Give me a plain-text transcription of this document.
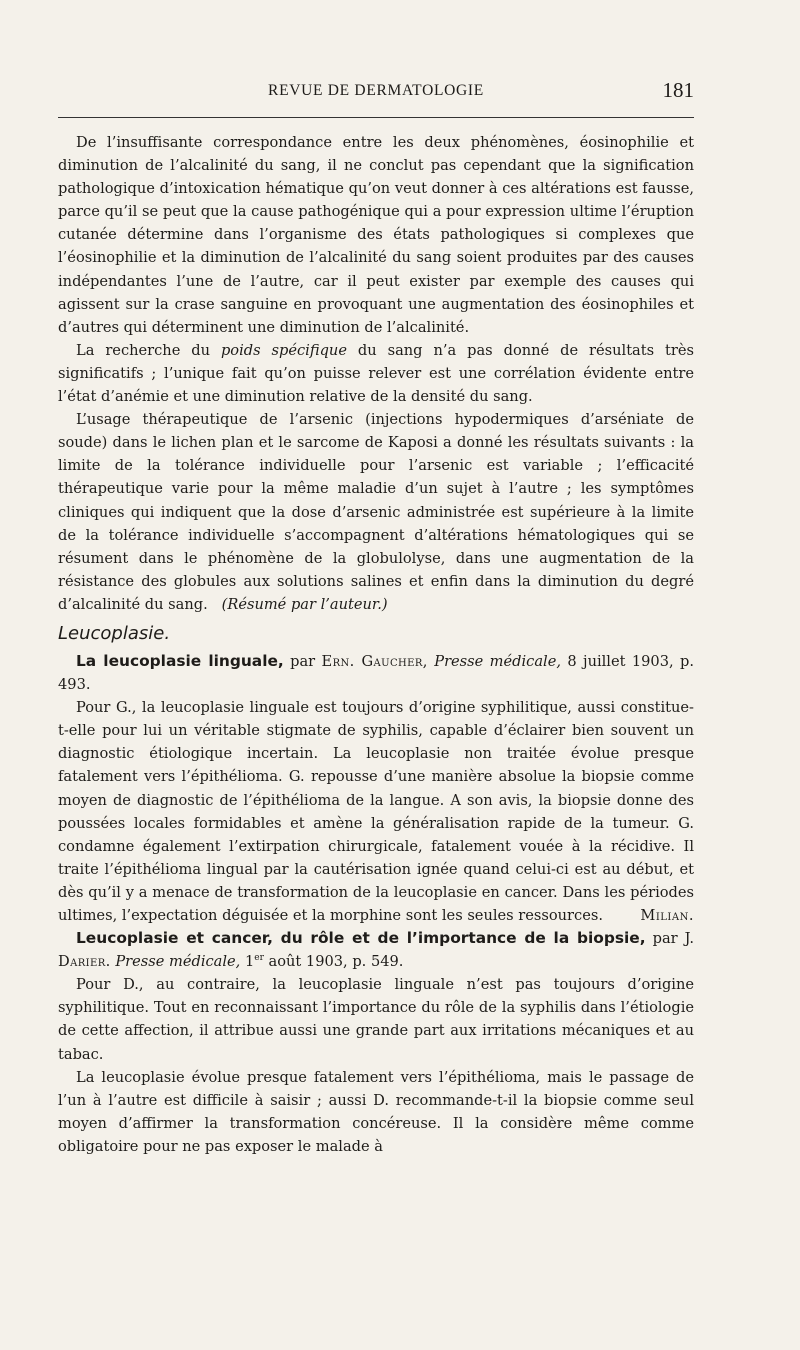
REVUE DE DERMATOLOGIE	181

De l’insuffisante correspondance entre les deux phénomènes, éosinophilie et diminution de l’alcalinité du sang, il ne conclut pas cependant que la signification pathologique d’intoxication hématique qu’on veut donner à ces altérations est fausse, parce qu’il se peut que la cause pathogénique qui a pour expression ultime l’éruption cutanée détermine dans l’organisme des états pathologiques si complexes que l’éosinophilie et la diminution de l’alcalinité du sang soient produites par des causes indépendantes l’une de l’autre, car il peut exister par exemple des causes qui agissent sur la crase sanguine en provoquant une augmentation des éosinophiles et d’autres qui déterminent une diminution de l’alcalinité.

La recherche du poids spécifique du sang n’a pas donné de résultats très significatifs ; l’unique fait qu’on puisse relever est une corrélation évidente entre l’état d’anémie et une diminution relative de la densité du sang.

L’usage thérapeutique de l’arsenic (injections hypodermiques d’arséniate de soude) dans le lichen plan et le sarcome de Kaposi a donné les résultats suivants : la limite de la tolérance individuelle pour l’arsenic est variable ; l’efficacité thérapeutique varie pour la même maladie d’un sujet à l’autre ; les symptômes cliniques qui indiquent que la dose d’arsenic administrée est supérieure à la limite de la tolérance individuelle s’accompagnent d’altérations hématologiques qui se résument dans le phénomène de la globulolyse, dans une augmentation de la résistance des globules aux solutions salines et enfin dans la diminution du degré d’alcalinité du sang. (Résumé par l’auteur.)

Leucoplasie.

La leucoplasie linguale, par Ern. Gaucher, Presse médicale, 8 juillet 1903, p. 493.

Pour G., la leucoplasie linguale est toujours d’origine syphilitique, aussi constitue-t-elle pour lui un véritable stigmate de syphilis, capable d’éclairer bien souvent un diagnostic étiologique incertain. La leucoplasie non traitée évolue presque fatalement vers l’épithélioma. G. repousse d’une manière absolue la biopsie comme moyen de diagnostic de l’épithélioma de la langue. A son avis, la biopsie donne des poussées locales formidables et amène la généralisation rapide de la tumeur. G. condamne également l’extirpation chirurgicale, fatalement vouée à la récidive. Il traite l’épithélioma lingual par la cautérisation ignée quand celui-ci est au début, et dès qu’il y a menace de transformation de la leucoplasie en cancer. Dans les périodes ultimes, l’expectation déguisée et la morphine sont les seules ressources.	Milian.

Leucoplasie et cancer, du rôle et de l’importance de la biopsie, par J. Darier. Presse médicale, 1er août 1903, p. 549.

Pour D., au contraire, la leucoplasie linguale n’est pas toujours d’origine syphilitique. Tout en reconnaissant l’importance du rôle de la syphilis dans l’étiologie de cette affection, il attribue aussi une grande part aux irritations mécaniques et au tabac.

La leucoplasie évolue presque fatalement vers l’épithélioma, mais le passage de l’un à l’autre est difficile à saisir ; aussi D. recommande-t-il la biopsie comme seul moyen d’affirmer la transformation concéreuse. Il la considère même comme obligatoire pour ne pas exposer le malade à
